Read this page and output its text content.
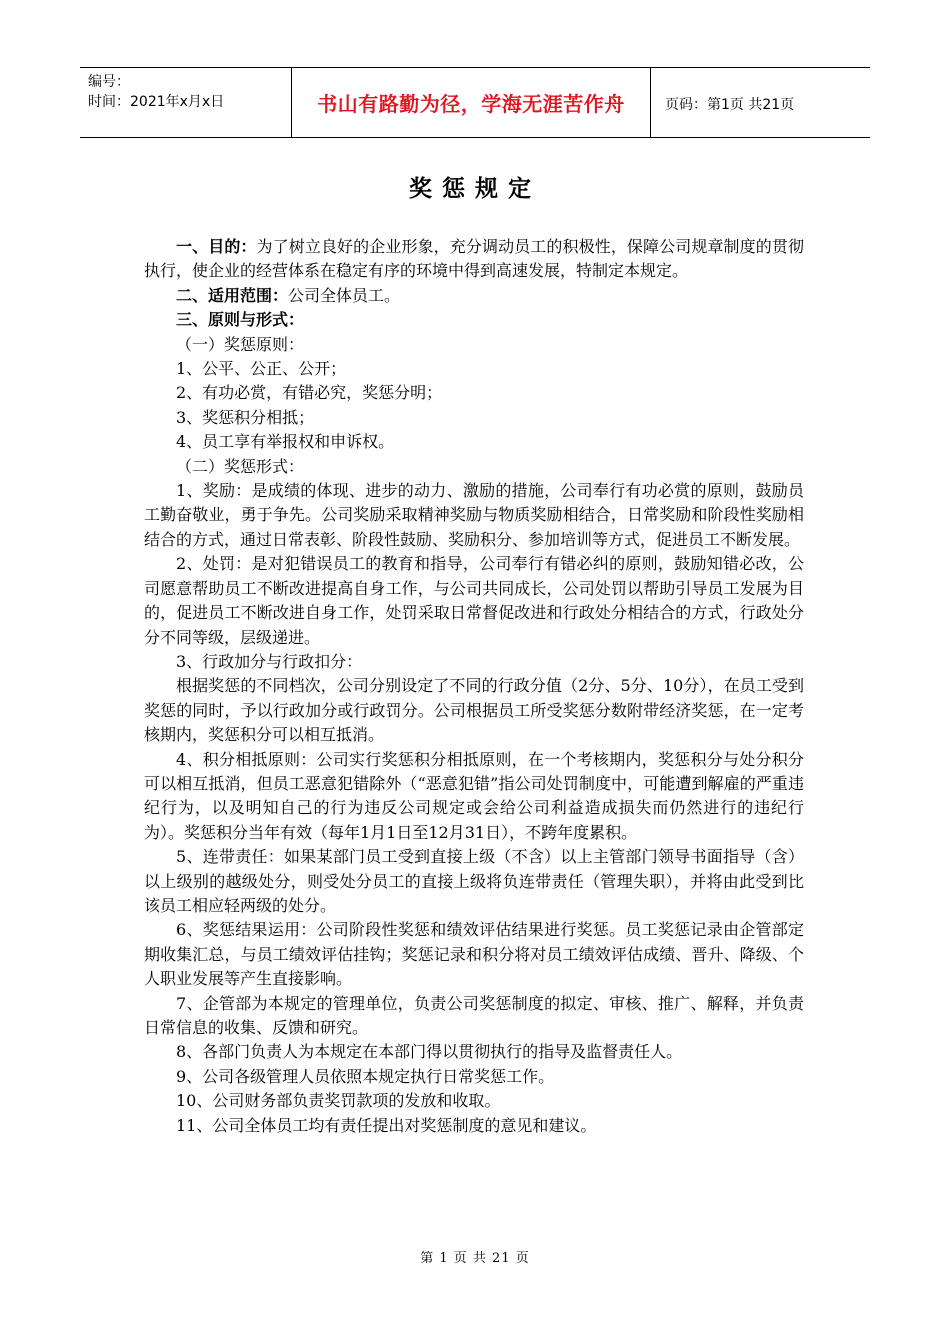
编号：
时间：2021年x月x日	书山有路勤为径，学海无涯苦作舟	页码：第1页 共21页
奖惩规定

一、目的：为了树立良好的企业形象，充分调动员工的积极性，保障公司规章制度的贯彻执行，使企业的经营体系在稳定有序的环境中得到高速发展，特制定本规定。

二、适用范围：公司全体员工。

三、原则与形式：

（一）奖惩原则：

1、公平、公正、公开；

2、有功必赏，有错必究，奖惩分明；

3、奖惩积分相抵；

4、员工享有举报权和申诉权。

（二）奖惩形式：

1、奖励：是成绩的体现、进步的动力、激励的措施，公司奉行有功必赏的原则，鼓励员工勤奋敬业，勇于争先。公司奖励采取精神奖励与物质奖励相结合，日常奖励和阶段性奖励相结合的方式，通过日常表彰、阶段性鼓励、奖励积分、参加培训等方式，促进员工不断发展。

2、处罚：是对犯错误员工的教育和指导，公司奉行有错必纠的原则，鼓励知错必改，公司愿意帮助员工不断改进提高自身工作，与公司共同成长，公司处罚以帮助引导员工发展为目的，促进员工不断改进自身工作，处罚采取日常督促改进和行政处分相结合的方式，行政处分分不同等级，层级递进。

3、行政加分与行政扣分：

根据奖惩的不同档次，公司分别设定了不同的行政分值（2分、5分、10分），在员工受到奖惩的同时，予以行政加分或行政罚分。公司根据员工所受奖惩分数附带经济奖惩，在一定考核期内，奖惩积分可以相互抵消。

4、积分相抵原则：公司实行奖惩积分相抵原则，在一个考核期内，奖惩积分与处分积分可以相互抵消，但员工恶意犯错除外（“恶意犯错”指公司处罚制度中，可能遭到解雇的严重违纪行为，以及明知自己的行为违反公司规定或会给公司利益造成损失而仍然进行的违纪行为）。奖惩积分当年有效（每年1月1日至12月31日），不跨年度累积。

5、连带责任：如果某部门员工受到直接上级（不含）以上主管部门领导书面指导（含）以上级别的越级处分，则受处分员工的直接上级将负连带责任（管理失职），并将由此受到比该员工相应轻两级的处分。

6、奖惩结果运用：公司阶段性奖惩和绩效评估结果进行奖惩。员工奖惩记录由企管部定期收集汇总，与员工绩效评估挂钩；奖惩记录和积分将对员工绩效评估成绩、晋升、降级、个人职业发展等产生直接影响。

7、企管部为本规定的管理单位，负责公司奖惩制度的拟定、审核、推广、解释，并负责日常信息的收集、反馈和研究。

8、各部门负责人为本规定在本部门得以贯彻执行的指导及监督责任人。

9、公司各级管理人员依照本规定执行日常奖惩工作。

10、公司财务部负责奖罚款项的发放和收取。

11、公司全体员工均有责任提出对奖惩制度的意见和建议。

第 1 页 共 21 页
